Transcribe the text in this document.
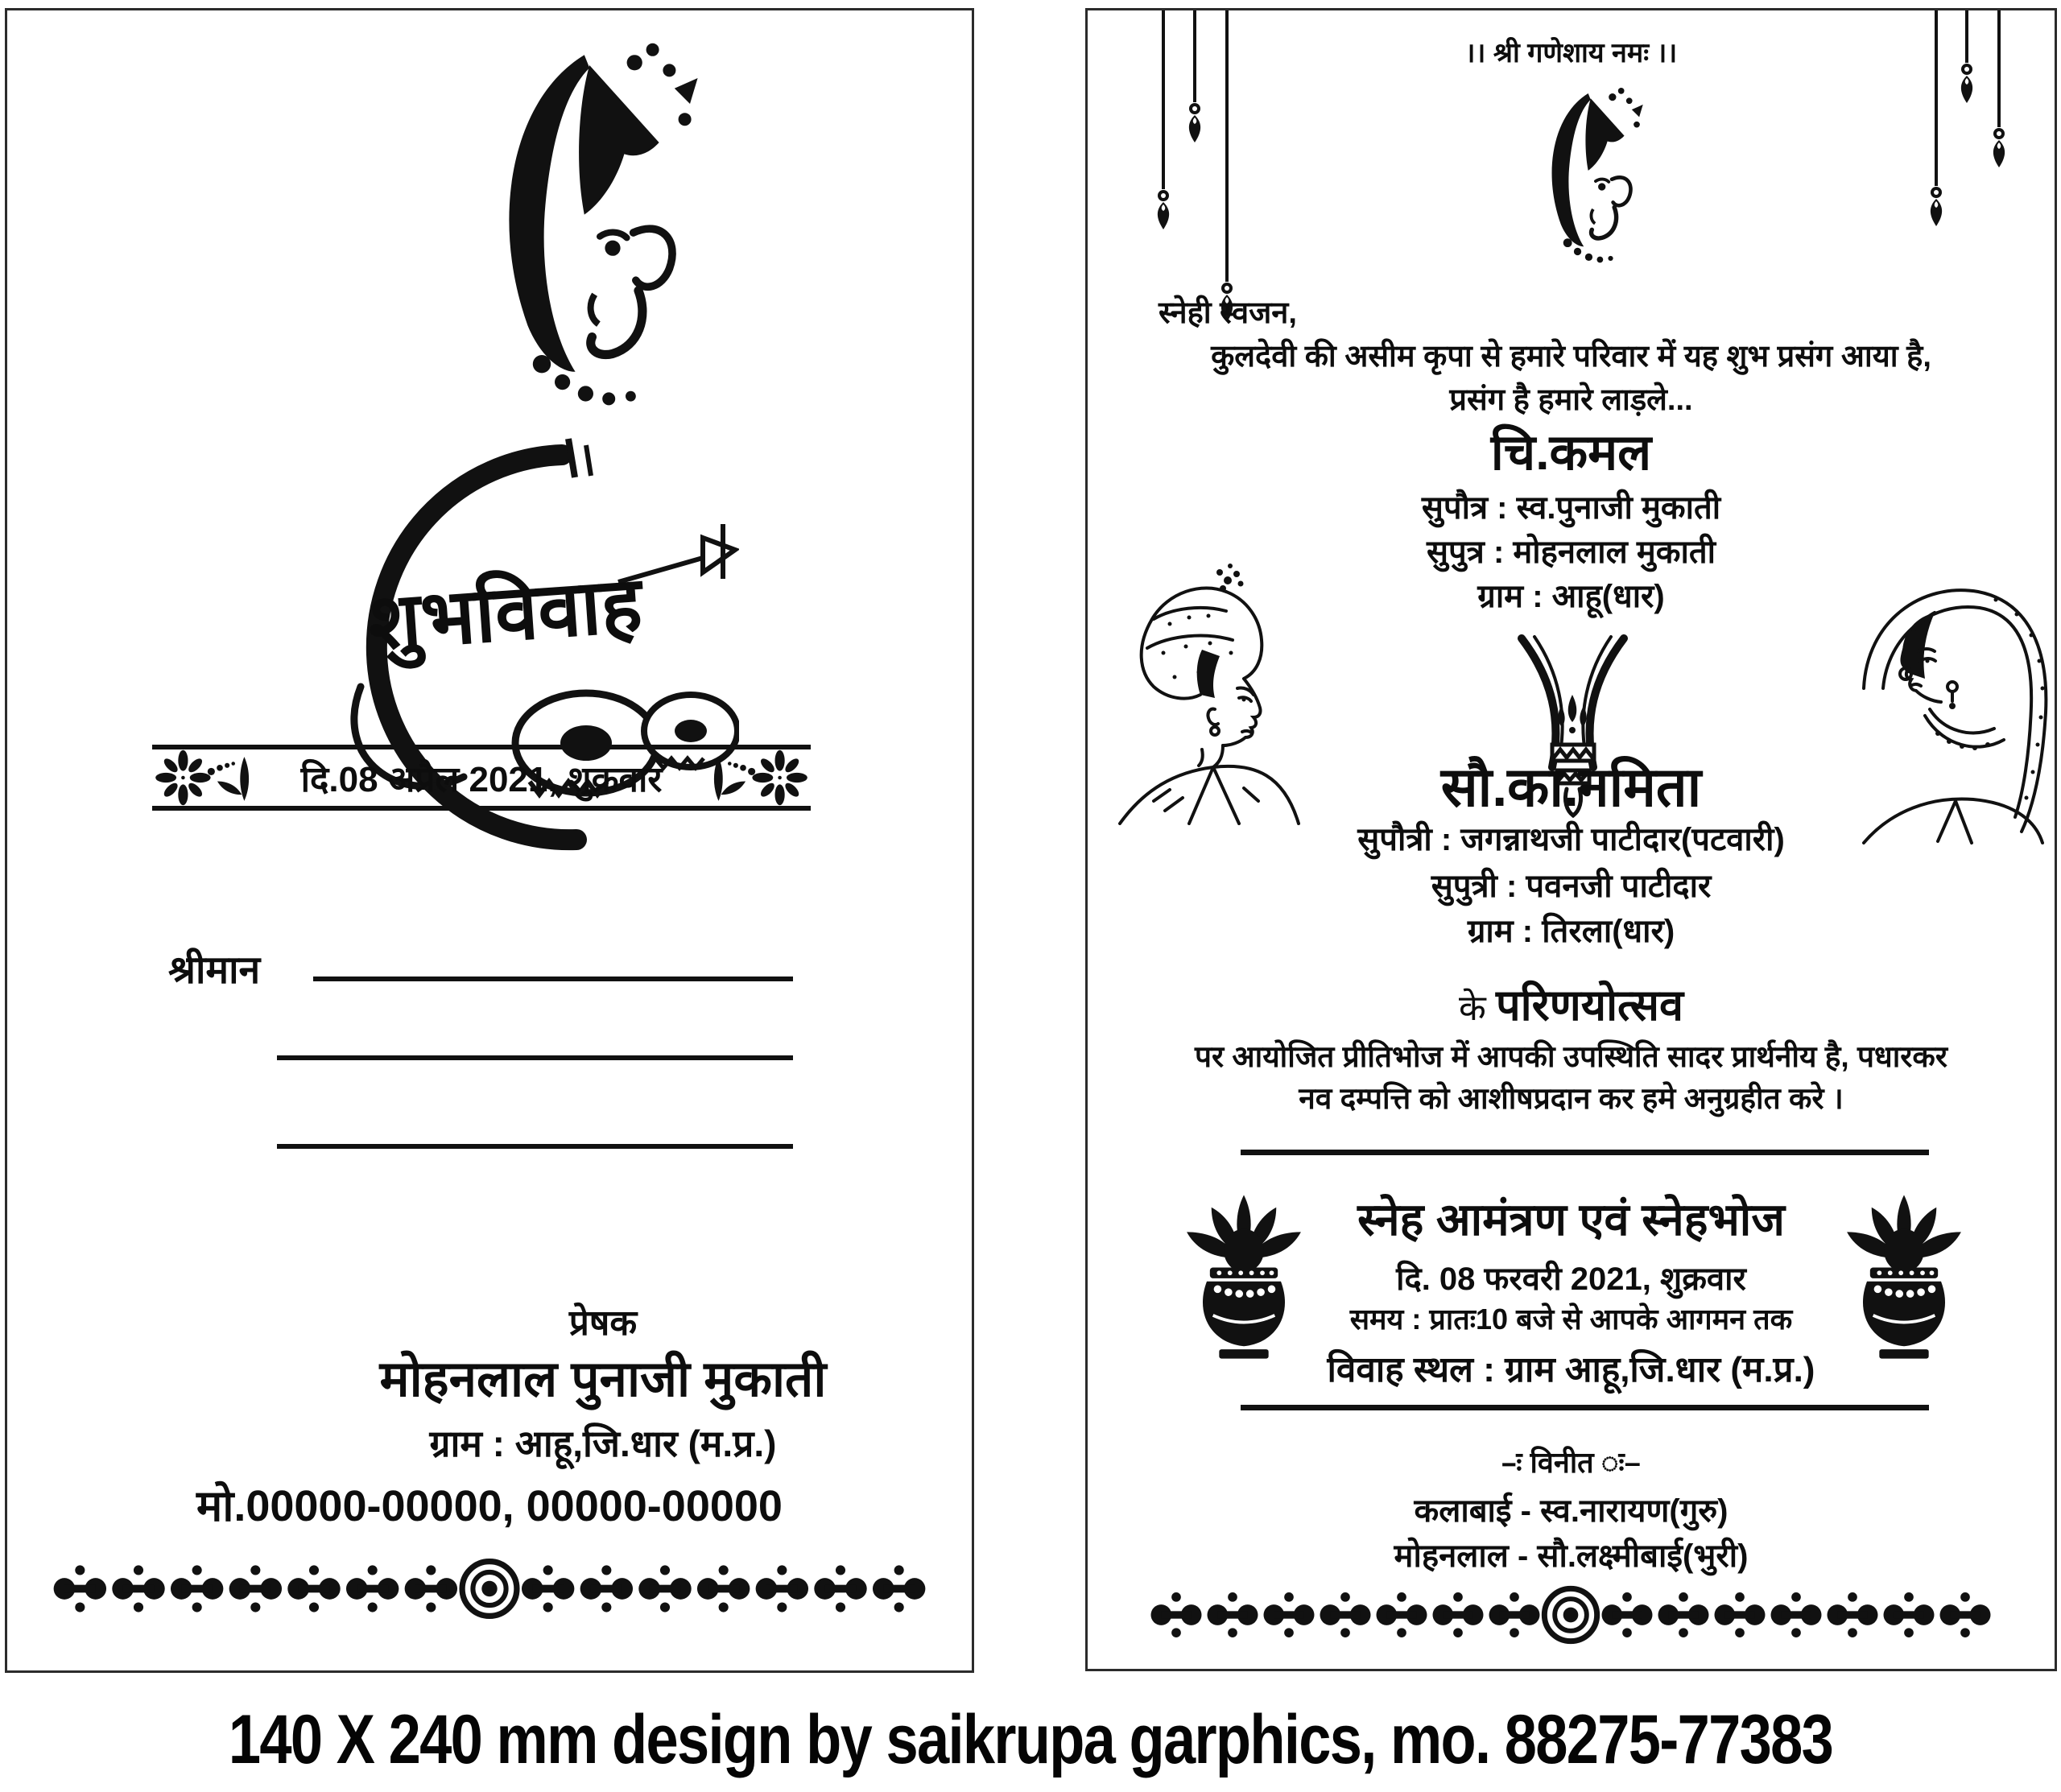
शुभविवाह
दि.08 अप्रैल 2021, शुक्रवार
श्रीमान
प्रेषक
मोहनलाल पुनाजी मुकाती
ग्राम : आहू,जि.धार (म.प्र.)
मो.00000-00000, 00000-00000
।। श्री गणेशाय नमः ।।
स्नेही स्वजन,
कुलदेवी की असीम कृपा से हमारे परिवार में यह शुभ प्रसंग आया है,
प्रसंग है हमारे लाड़ले...
चि.कमल
सुपौत्र : स्व.पुनाजी मुकाती
सुपुत्र : मोहनलाल मुकाती
ग्राम : आहू(धार)
सौ.का.नमिता
सुपौत्री : जगन्नाथजी पाटीदार(पटवारी)
सुपुत्री : पवनजी पाटीदार
ग्राम : तिरला(धार)
के परिणयोत्सव
पर आयोजित प्रीतिभोज में आपकी उपस्थिति सादर प्रार्थनीय है, पधारकर
नव दम्पत्ति को आशीषप्रदान कर हमे अनुग्रहीत करे ।
स्नेह आमंत्रण एवं स्नेहभोज
दि. 08 फरवरी 2021, शुक्रवार
समय : प्रातः10 बजे से आपके आगमन तक
विवाह स्थल : ग्राम आहू,जि.धार (म.प्र.)
–ः विनीत ः–
कलाबाई - स्व.नारायण(गुरु)
मोहनलाल - सौ.लक्ष्मीबाई(भुरी)
140 X 240 mm design by saikrupa garphics, mo. 88275-77383
